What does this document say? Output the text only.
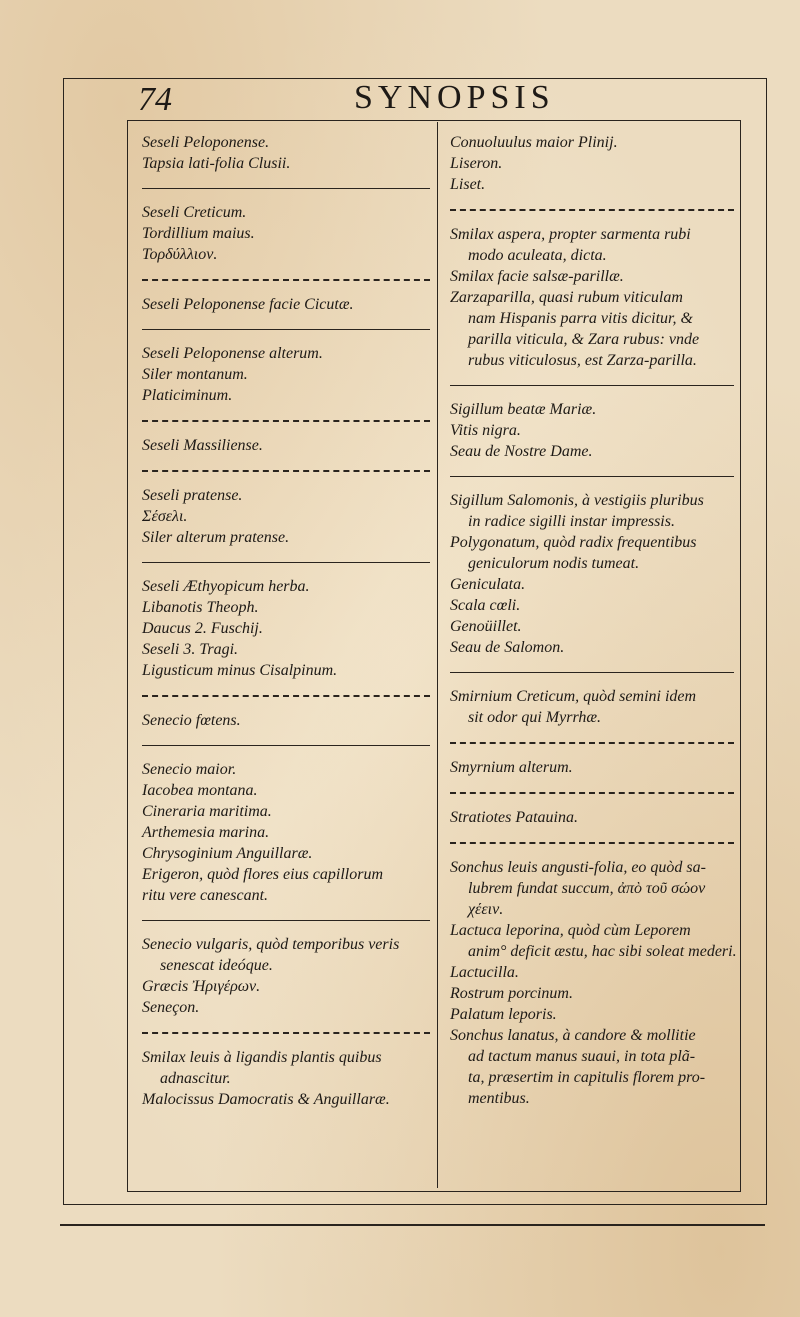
74	SYNOPSIS
Seseli Peloponense.
Tapsia lati-folia Clusii.
Seseli Creticum.
Tordillium maius.
Τορδύλλιον.
Seseli Peloponense facie Cicutæ.
Seseli Peloponense alterum.
Siler montanum.
Platiciminum.
Seseli Massiliense.
Seseli pratense.
Σέσελι.
Siler alterum pratense.
Seseli Æthyopicum herba.
Libanotis Theoph.
Daucus 2. Fuschij.
Seseli 3. Tragi.
Ligusticum minus Cisalpinum.
Senecio fœtens.
Senecio maior.
Iacobea montana.
Cineraria maritima.
Arthemesia marina.
Chrysoginium Anguillaræ.
Erigeron, quòd flores eius capillorum
ritu vere canescant.
Senecio vulgaris, quòd temporibus veris
senescat ideóque.
Græcis Ἠριγέρων.
Seneçon.
Smilax leuis à ligandis plantis quibus
adnascitur.
Malocissus Damocratis & Anguillaræ.
Conuoluulus maior Plinij.
Liseron.
Liset.
Smilax aspera, propter sarmenta rubi
modo aculeata, dicta.
Smilax facie salsæ-parillæ.
Zarzaparilla, quasi rubum viticulam
nam Hispanis parra vitis dicitur, &
parilla viticula, & Zara rubus: vnde
rubus viticulosus, est Zarza-parilla.
Sigillum beatæ Mariæ.
Vitis nigra.
Seau de Nostre Dame.
Sigillum Salomonis, à vestigiis pluribus
in radice sigilli instar impressis.
Polygonatum, quòd radix frequentibus
geniculorum nodis tumeat.
Geniculata.
Scala cœli.
Genoüillet.
Seau de Salomon.
Smirnium Creticum, quòd semini idem
sit odor qui Myrrhæ.
Smyrnium alterum.
Stratiotes Patauina.
Sonchus leuis angusti-folia, eo quòd sa-
lubrem fundat succum, ἀπὸ τοῦ σώον
χέειν.
Lactuca leporina, quòd cùm Leporem
anim° deficit æstu, hac sibi soleat mederi.
Lactucilla.
Rostrum porcinum.
Palatum leporis.
Sonchus lanatus, à candore & mollitie
ad tactum manus suaui, in tota plã-
ta, præsertim in capitulis florem pro-
mentibus.
